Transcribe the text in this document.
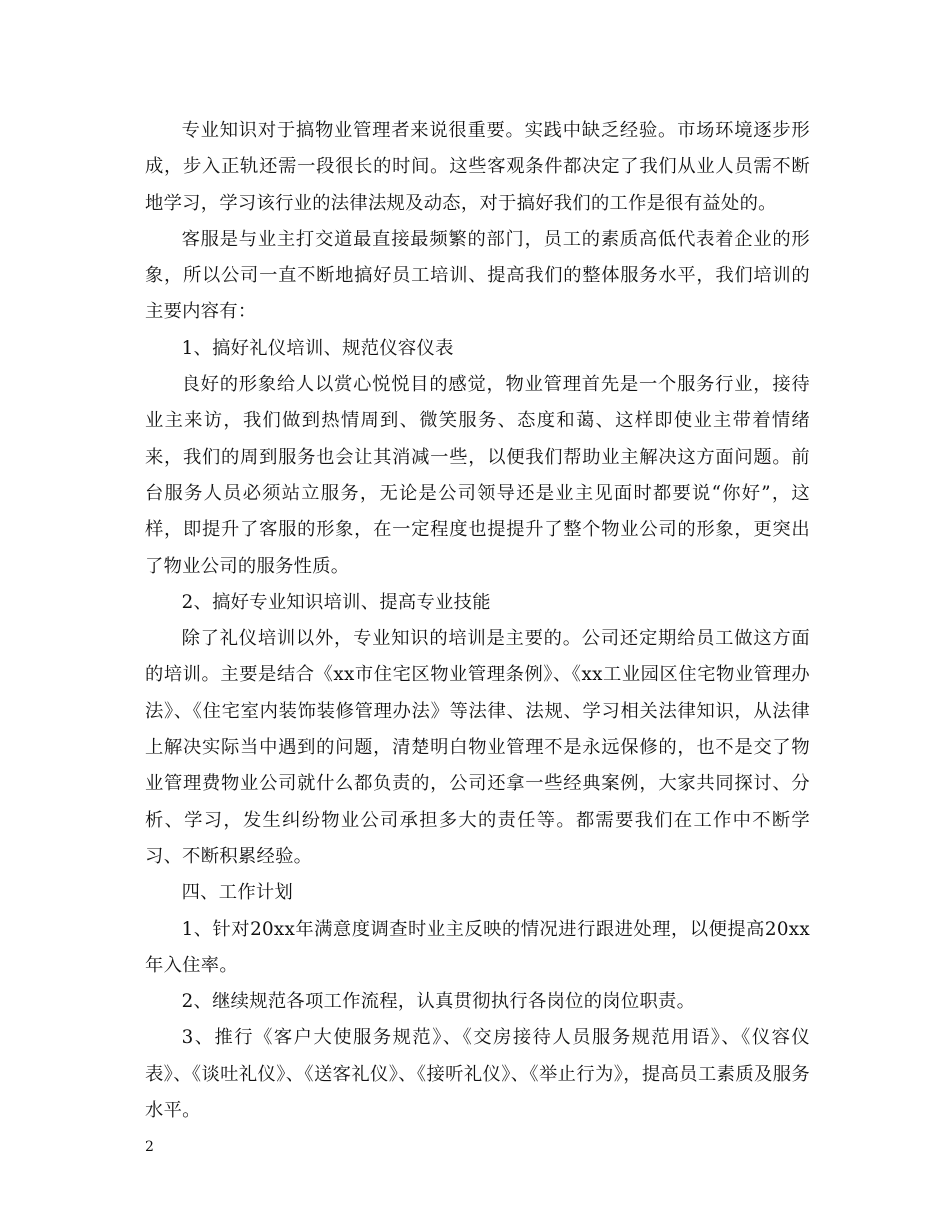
专业知识对于搞物业管理者来说很重要。实践中缺乏经验。市场环境逐步形成，步入正轨还需一段很长的时间。这些客观条件都决定了我们从业人员需不断地学习，学习该行业的法律法规及动态，对于搞好我们的工作是很有益处的。

客服是与业主打交道最直接最频繁的部门，员工的素质高低代表着企业的形象，所以公司一直不断地搞好员工培训、提高我们的整体服务水平，我们培训的主要内容有：

1、搞好礼仪培训、规范仪容仪表

良好的形象给人以赏心悦悦目的感觉，物业管理首先是一个服务行业，接待业主来访，我们做到热情周到、微笑服务、态度和蔼、这样即使业主带着情绪来，我们的周到服务也会让其消减一些，以便我们帮助业主解决这方面问题。前台服务人员必须站立服务，无论是公司领导还是业主见面时都要说“你好”，这样，即提升了客服的形象，在一定程度也提提升了整个物业公司的形象，更突出了物业公司的服务性质。

2、搞好专业知识培训、提高专业技能

除了礼仪培训以外，专业知识的培训是主要的。公司还定期给员工做这方面的培训。主要是结合《xx市住宅区物业管理条例》、《xx工业园区住宅物业管理办法》、《住宅室内装饰装修管理办法》等法律、法规、学习相关法律知识，从法律上解决实际当中遇到的问题，清楚明白物业管理不是永远保修的，也不是交了物业管理费物业公司就什么都负责的，公司还拿一些经典案例，大家共同探讨、分析、学习，发生纠纷物业公司承担多大的责任等。都需要我们在工作中不断学习、不断积累经验。

四、工作计划

1、针对20xx年满意度调查时业主反映的情况进行跟进处理，以便提高20xx年入住率。

2、继续规范各项工作流程，认真贯彻执行各岗位的岗位职责。

3、推行《客户大使服务规范》、《交房接待人员服务规范用语》、《仪容仪表》、《谈吐礼仪》、《送客礼仪》、《接听礼仪》、《举止行为》，提高员工素质及服务水平。

2
